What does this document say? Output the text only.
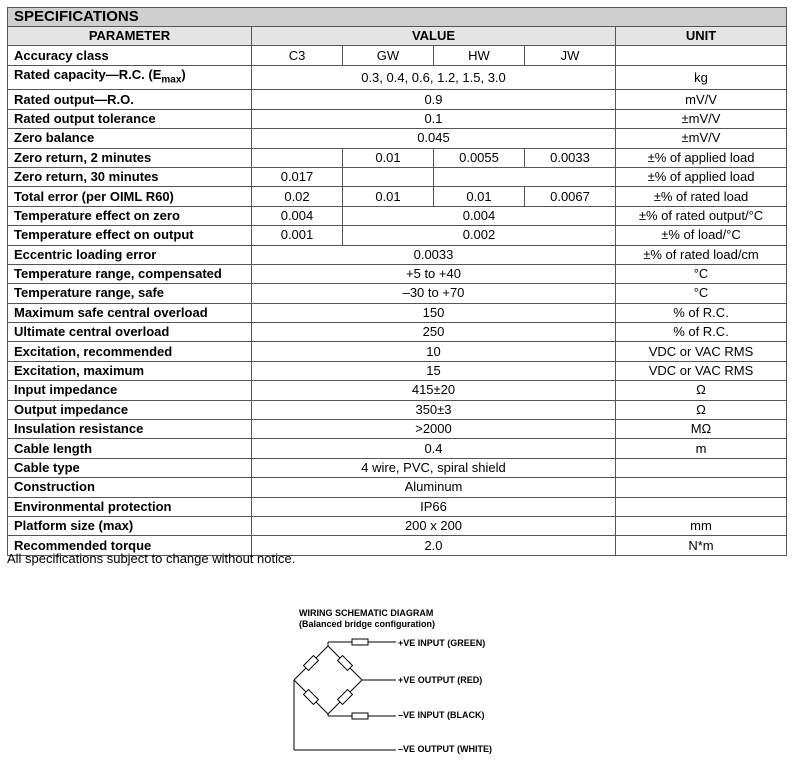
SPECIFICATIONS					
PARAMETER	VALUE				UNIT
Accuracy class	C3	GW	HW	JW	
Rated capacity—R.C. $(E_{max})$	0.3, 0.4, 0.6, 1.2, 1.5, 3.0				kg
Rated output—R.O.	0.9				mV/V
Rated output tolerance	0.1				±mV/V
Zero balance	0.045				±mV/V
Zero return, 2 minutes		0.01	0.0055	0.0033	±% of applied load
Zero return, 30 minutes	0.017				±% of applied load
Total error (per OIML R60)	0.02	0.01	0.01	0.0067	±% of rated load
Temperature effect on zero	0.004	0.004			±% of rated output/°C
Temperature effect on output	0.001	0.002			±% of load/°C
Eccentric loading error	0.0033				±% of rated load/cm
Temperature range, compensated	+5 to +40				°C
Temperature range, safe	–30 to +70				°C
Maximum safe central overload	150				% of R.C.
Ultimate central overload	250				% of R.C.
Excitation, recommended	10				VDC or VAC RMS
Excitation, maximum	15				VDC or VAC RMS
Input impedance	415±20				Ω
Output impedance	350±3				Ω
Insulation resistance	>2000				MΩ
Cable length	0.4				m
Cable type	4 wire, PVC, spiral shield				
Construction	Aluminum				
Environmental protection	IP66				
Platform size (max)	200 x 200				mm
Recommended torque	2.0				N*m
All specifications subject to change without notice.
WIRING SCHEMATIC DIAGRAM
(Balanced bridge configuration)
+VE INPUT (GREEN)
+VE OUTPUT (RED)
–VE INPUT (BLACK)
–VE OUTPUT (WHITE)
